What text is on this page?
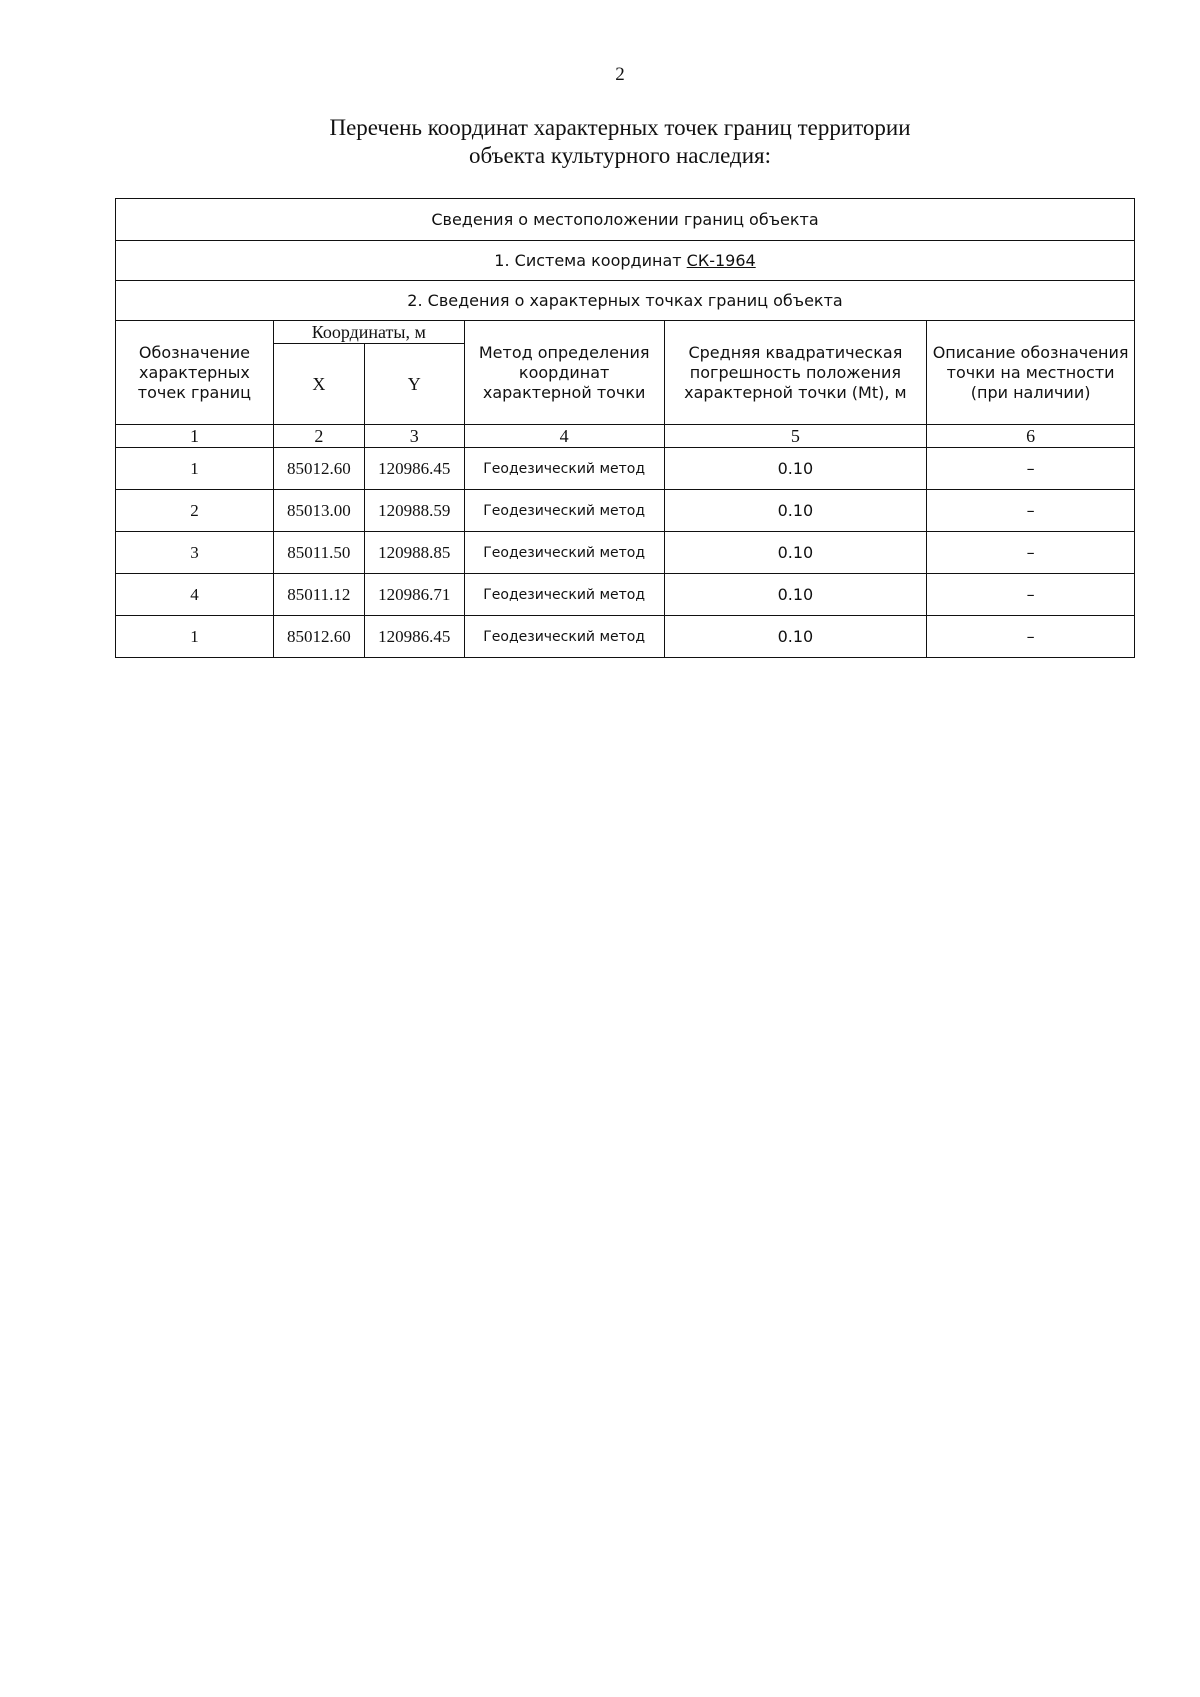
2
Перечень координат характерных точек границ территории
объекта культурного наследия:
Сведения о местоположении границ объекта					
1. Система координат СК-1964					
2. Сведения о характерных точках границ объекта					
Обозначение характерных точек границ	Координаты, м		Метод определения координат характерной точки	Средняя квадратическая погрешность положения характерной точки (Mt), м	Описание обозначения точки на местности (при наличии)
	X	Y			
1	2	3	4	5	6
1	85012.60	120986.45	Геодезический метод	0.10	–
2	85013.00	120988.59	Геодезический метод	0.10	–
3	85011.50	120988.85	Геодезический метод	0.10	–
4	85011.12	120986.71	Геодезический метод	0.10	–
1	85012.60	120986.45	Геодезический метод	0.10	–
